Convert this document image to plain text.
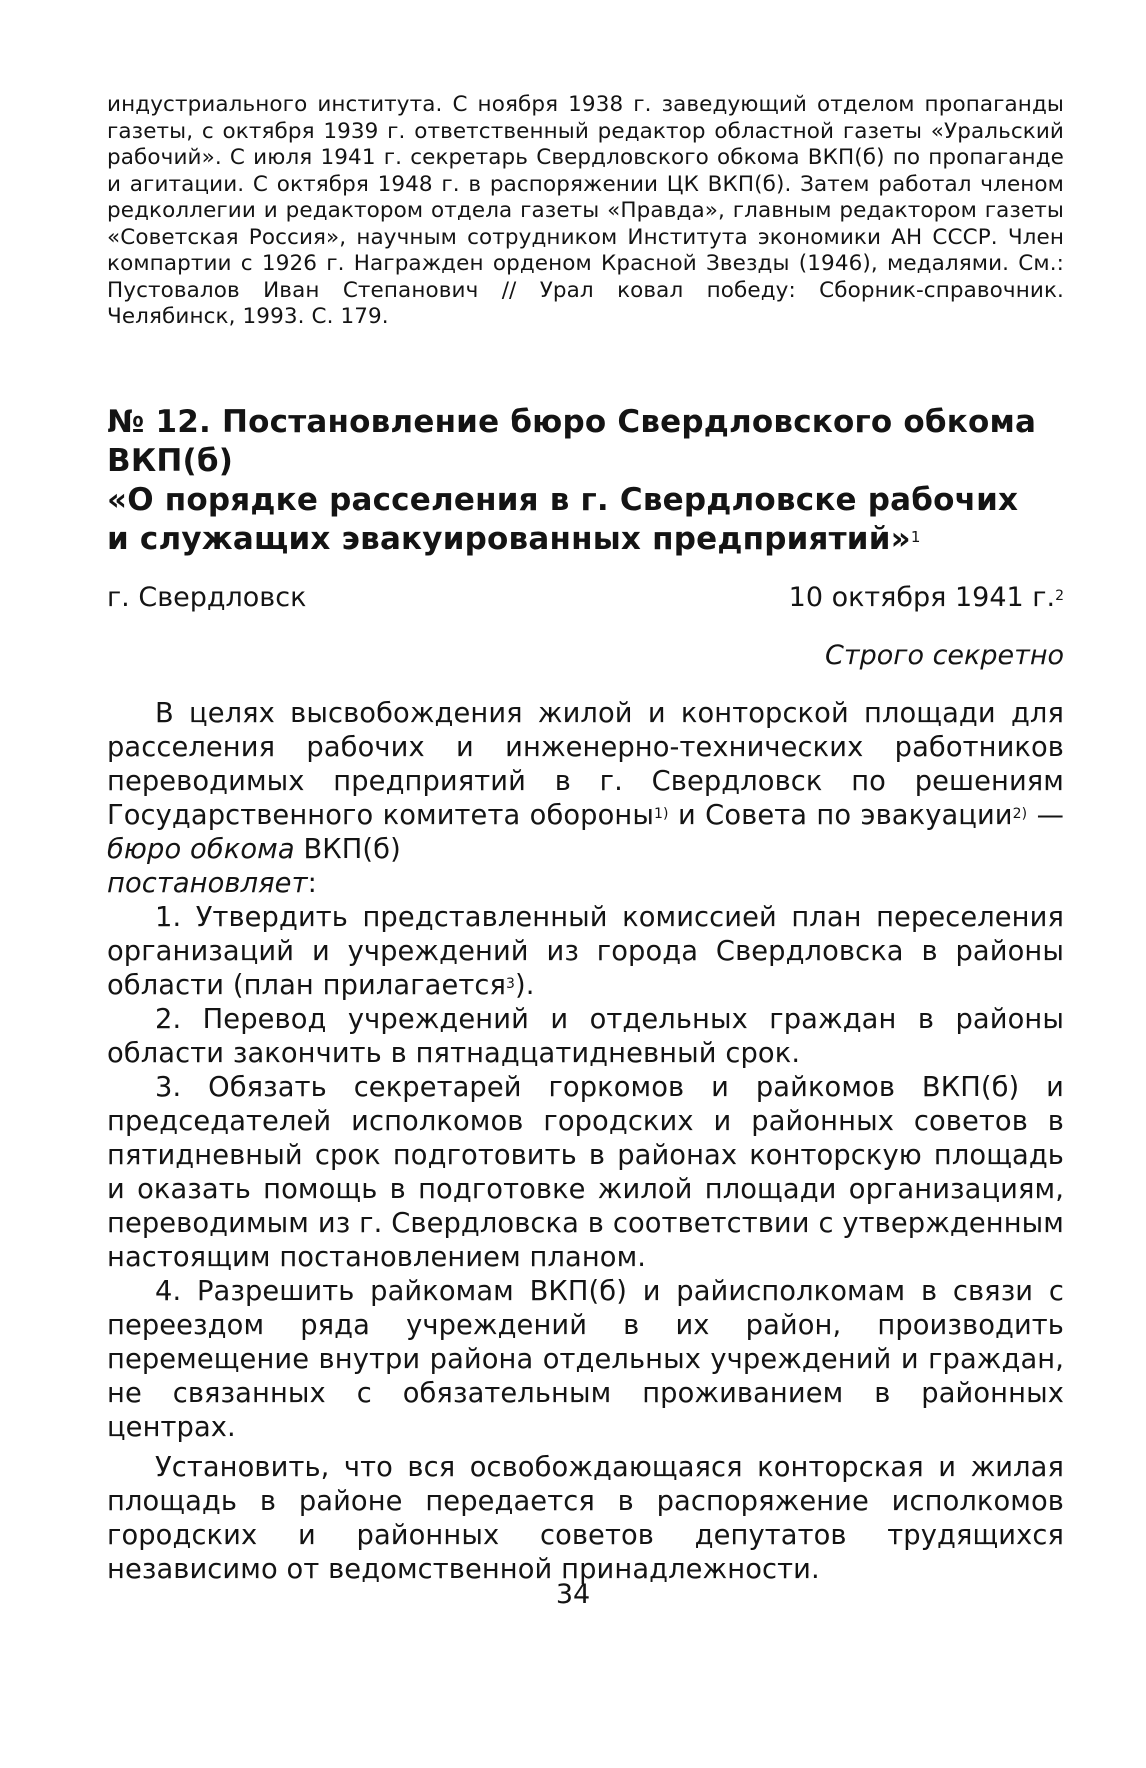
индустриального института. С ноября 1938 г. заведующий отделом пропаганды газеты, с октября 1939 г. ответственный редактор областной газеты «Уральский рабочий». С июля 1941 г. секретарь Свердловского обкома ВКП(б) по пропаганде и агитации. С октября 1948 г. в распоряжении ЦК ВКП(б). Затем работал членом редколлегии и редактором отдела газеты «Правда», главным редактором газеты «Советская Россия», научным сотрудником Института экономики АН СССР. Член компартии с 1926 г. Награжден орденом Красной Звезды (1946), медалями. См.: Пустовалов Иван Степанович // Урал ковал победу: Сборник-справочник. Челябинск, 1993. С. 179.

№ 12. Постановление бюро Свердловского обкома ВКП(б)
«О порядке расселения в г. Свердловске рабочих
и служащих эвакуированных предприятий»$^1$
г. Свердловск	10 октября 1941 г.$^2$
Строго секретно

В целях высвобождения жилой и конторской площади для расселения рабочих и инженерно-технических работников переводимых предприятий в г. Свердловск по решениям Государственного комитета обороны$^{1)}$ и Совета по эвакуации$^{2)}$ — бюро обкома ВКП(б)
постановляет:

1. Утвердить представленный комиссией план переселения организаций и учреждений из города Свердловска в районы области (план прилагается$^3$).

2. Перевод учреждений и отдельных граждан в районы области закончить в пятнадцатидневный срок.

3. Обязать секретарей горкомов и райкомов ВКП(б) и председателей исполкомов городских и районных советов в пятидневный срок подготовить в районах конторскую площадь и оказать помощь в подготовке жилой площади организациям, переводимым из г. Свердловска в соответствии с утвержденным настоящим постановлением планом.

4. Разрешить райкомам ВКП(б) и райисполкомам в связи с переездом ряда учреждений в их район, производить перемещение внутри района отдельных учреждений и граждан, не связанных с обязательным проживанием в районных центрах.

Установить, что вся освобождающаяся конторская и жилая площадь в районе передается в распоряжение исполкомов городских и районных советов депутатов трудящихся независимо от ведомственной принадлежности.

34
